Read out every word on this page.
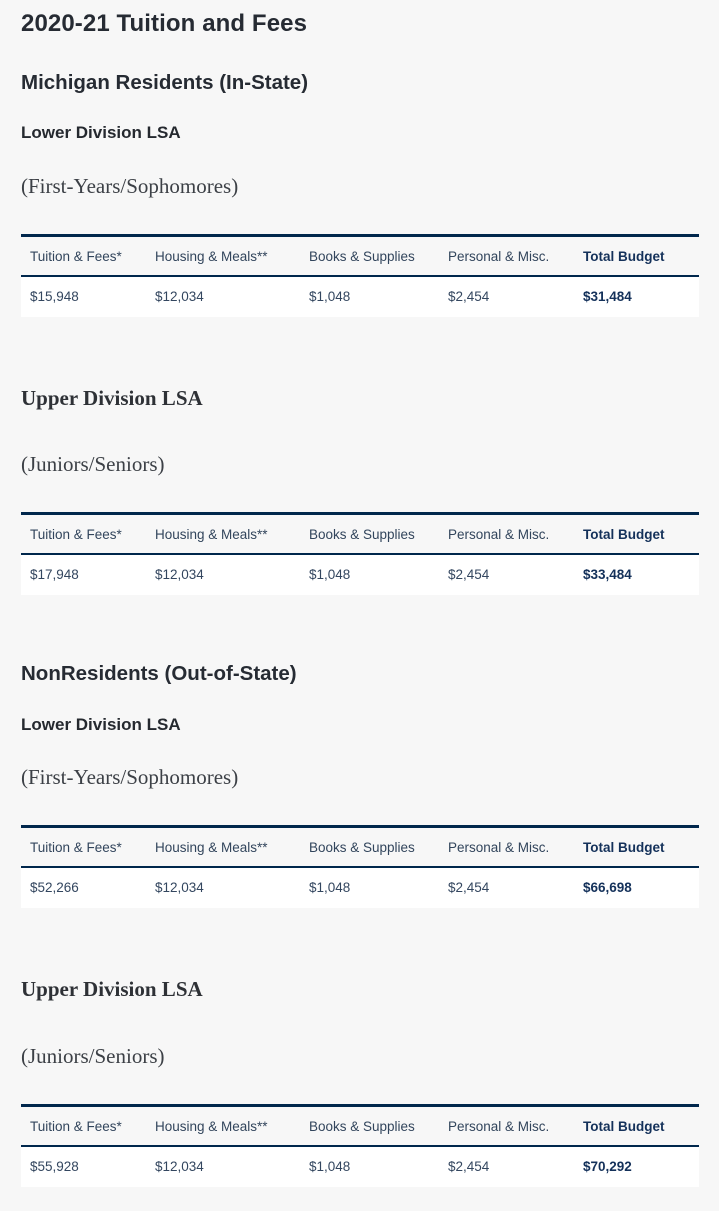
2020-21 Tuition and Fees
Michigan Residents (In-State)
Lower Division LSA

(First-Years/Sophomores)

Tuition & Fees*	Housing & Meals**	Books & Supplies	Personal & Misc.	Total Budget
$15,948	$12,034	$1,048	$2,454	$31,484
Upper Division LSA

(Juniors/Seniors)

Tuition & Fees*	Housing & Meals**	Books & Supplies	Personal & Misc.	Total Budget
$17,948	$12,034	$1,048	$2,454	$33,484
NonResidents (Out-of-State)
Lower Division LSA

(First-Years/Sophomores)

Tuition & Fees*	Housing & Meals**	Books & Supplies	Personal & Misc.	Total Budget
$52,266	$12,034	$1,048	$2,454	$66,698
Upper Division LSA

(Juniors/Seniors)

Tuition & Fees*	Housing & Meals**	Books & Supplies	Personal & Misc.	Total Budget
$55,928	$12,034	$1,048	$2,454	$70,292
